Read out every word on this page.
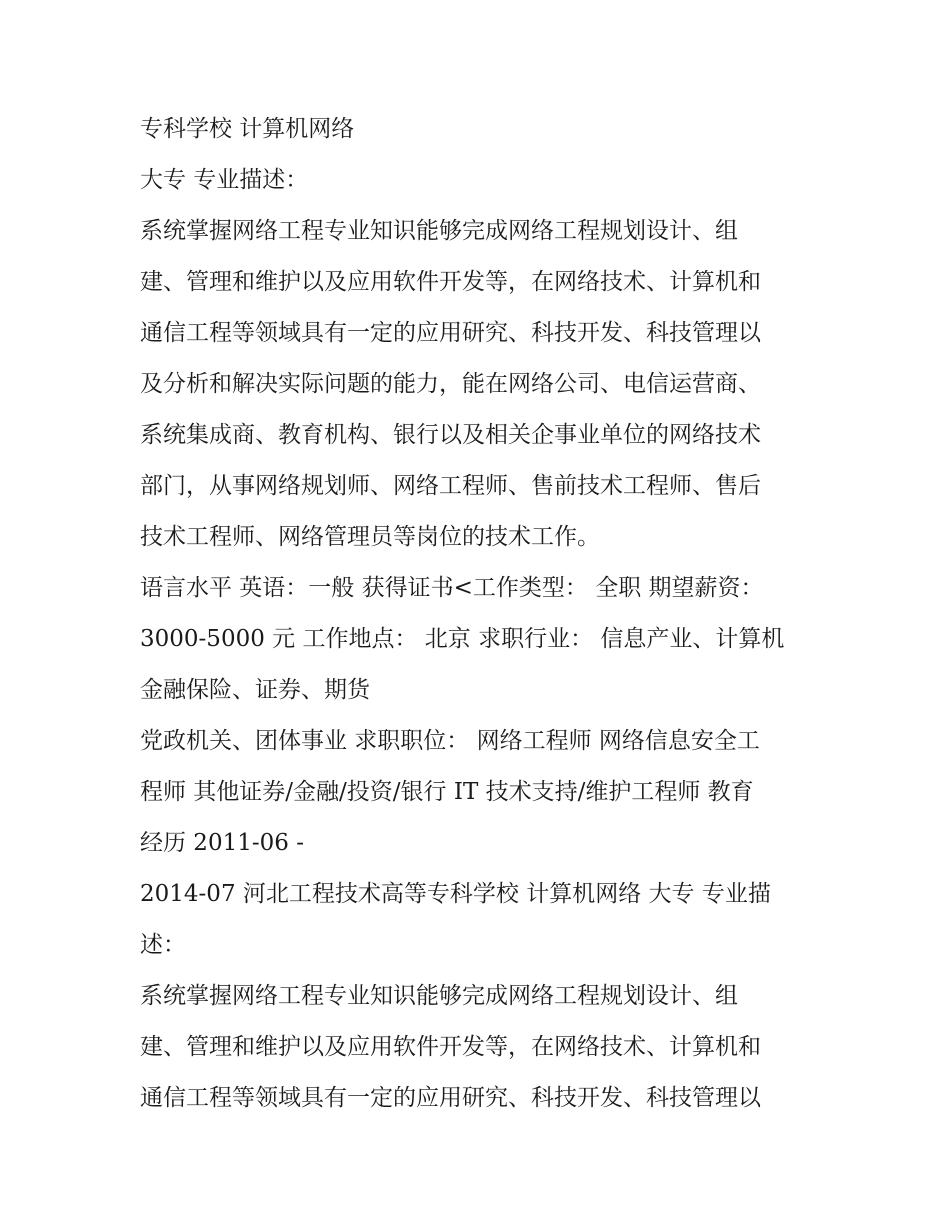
专科学校 计算机网络
大专 专业描述：
系统掌握网络工程专业知识能够完成网络工程规划设计、组
建、管理和维护以及应用软件开发等，在网络技术、计算机和
通信工程等领域具有一定的应用研究、科技开发、科技管理以
及分析和解决实际问题的能力，能在网络公司、电信运营商、
系统集成商、教育机构、银行以及相关企事业单位的网络技术
部门，从事网络规划师、网络工程师、售前技术工程师、售后
技术工程师、网络管理员等岗位的技术工作。
语言水平 英语：一般 获得证书<工作类型： 全职 期望薪资：
3000-5000 元 工作地点： 北京 求职行业： 信息产业、计算机
金融保险、证券、期货
党政机关、团体事业 求职职位： 网络工程师 网络信息安全工
程师 其他证券/金融/投资/银行 IT 技术支持/维护工程师 教育
经历 2011-06 -
2014-07 河北工程技术高等专科学校 计算机网络 大专 专业描
述：
系统掌握网络工程专业知识能够完成网络工程规划设计、组
建、管理和维护以及应用软件开发等，在网络技术、计算机和
通信工程等领域具有一定的应用研究、科技开发、科技管理以
